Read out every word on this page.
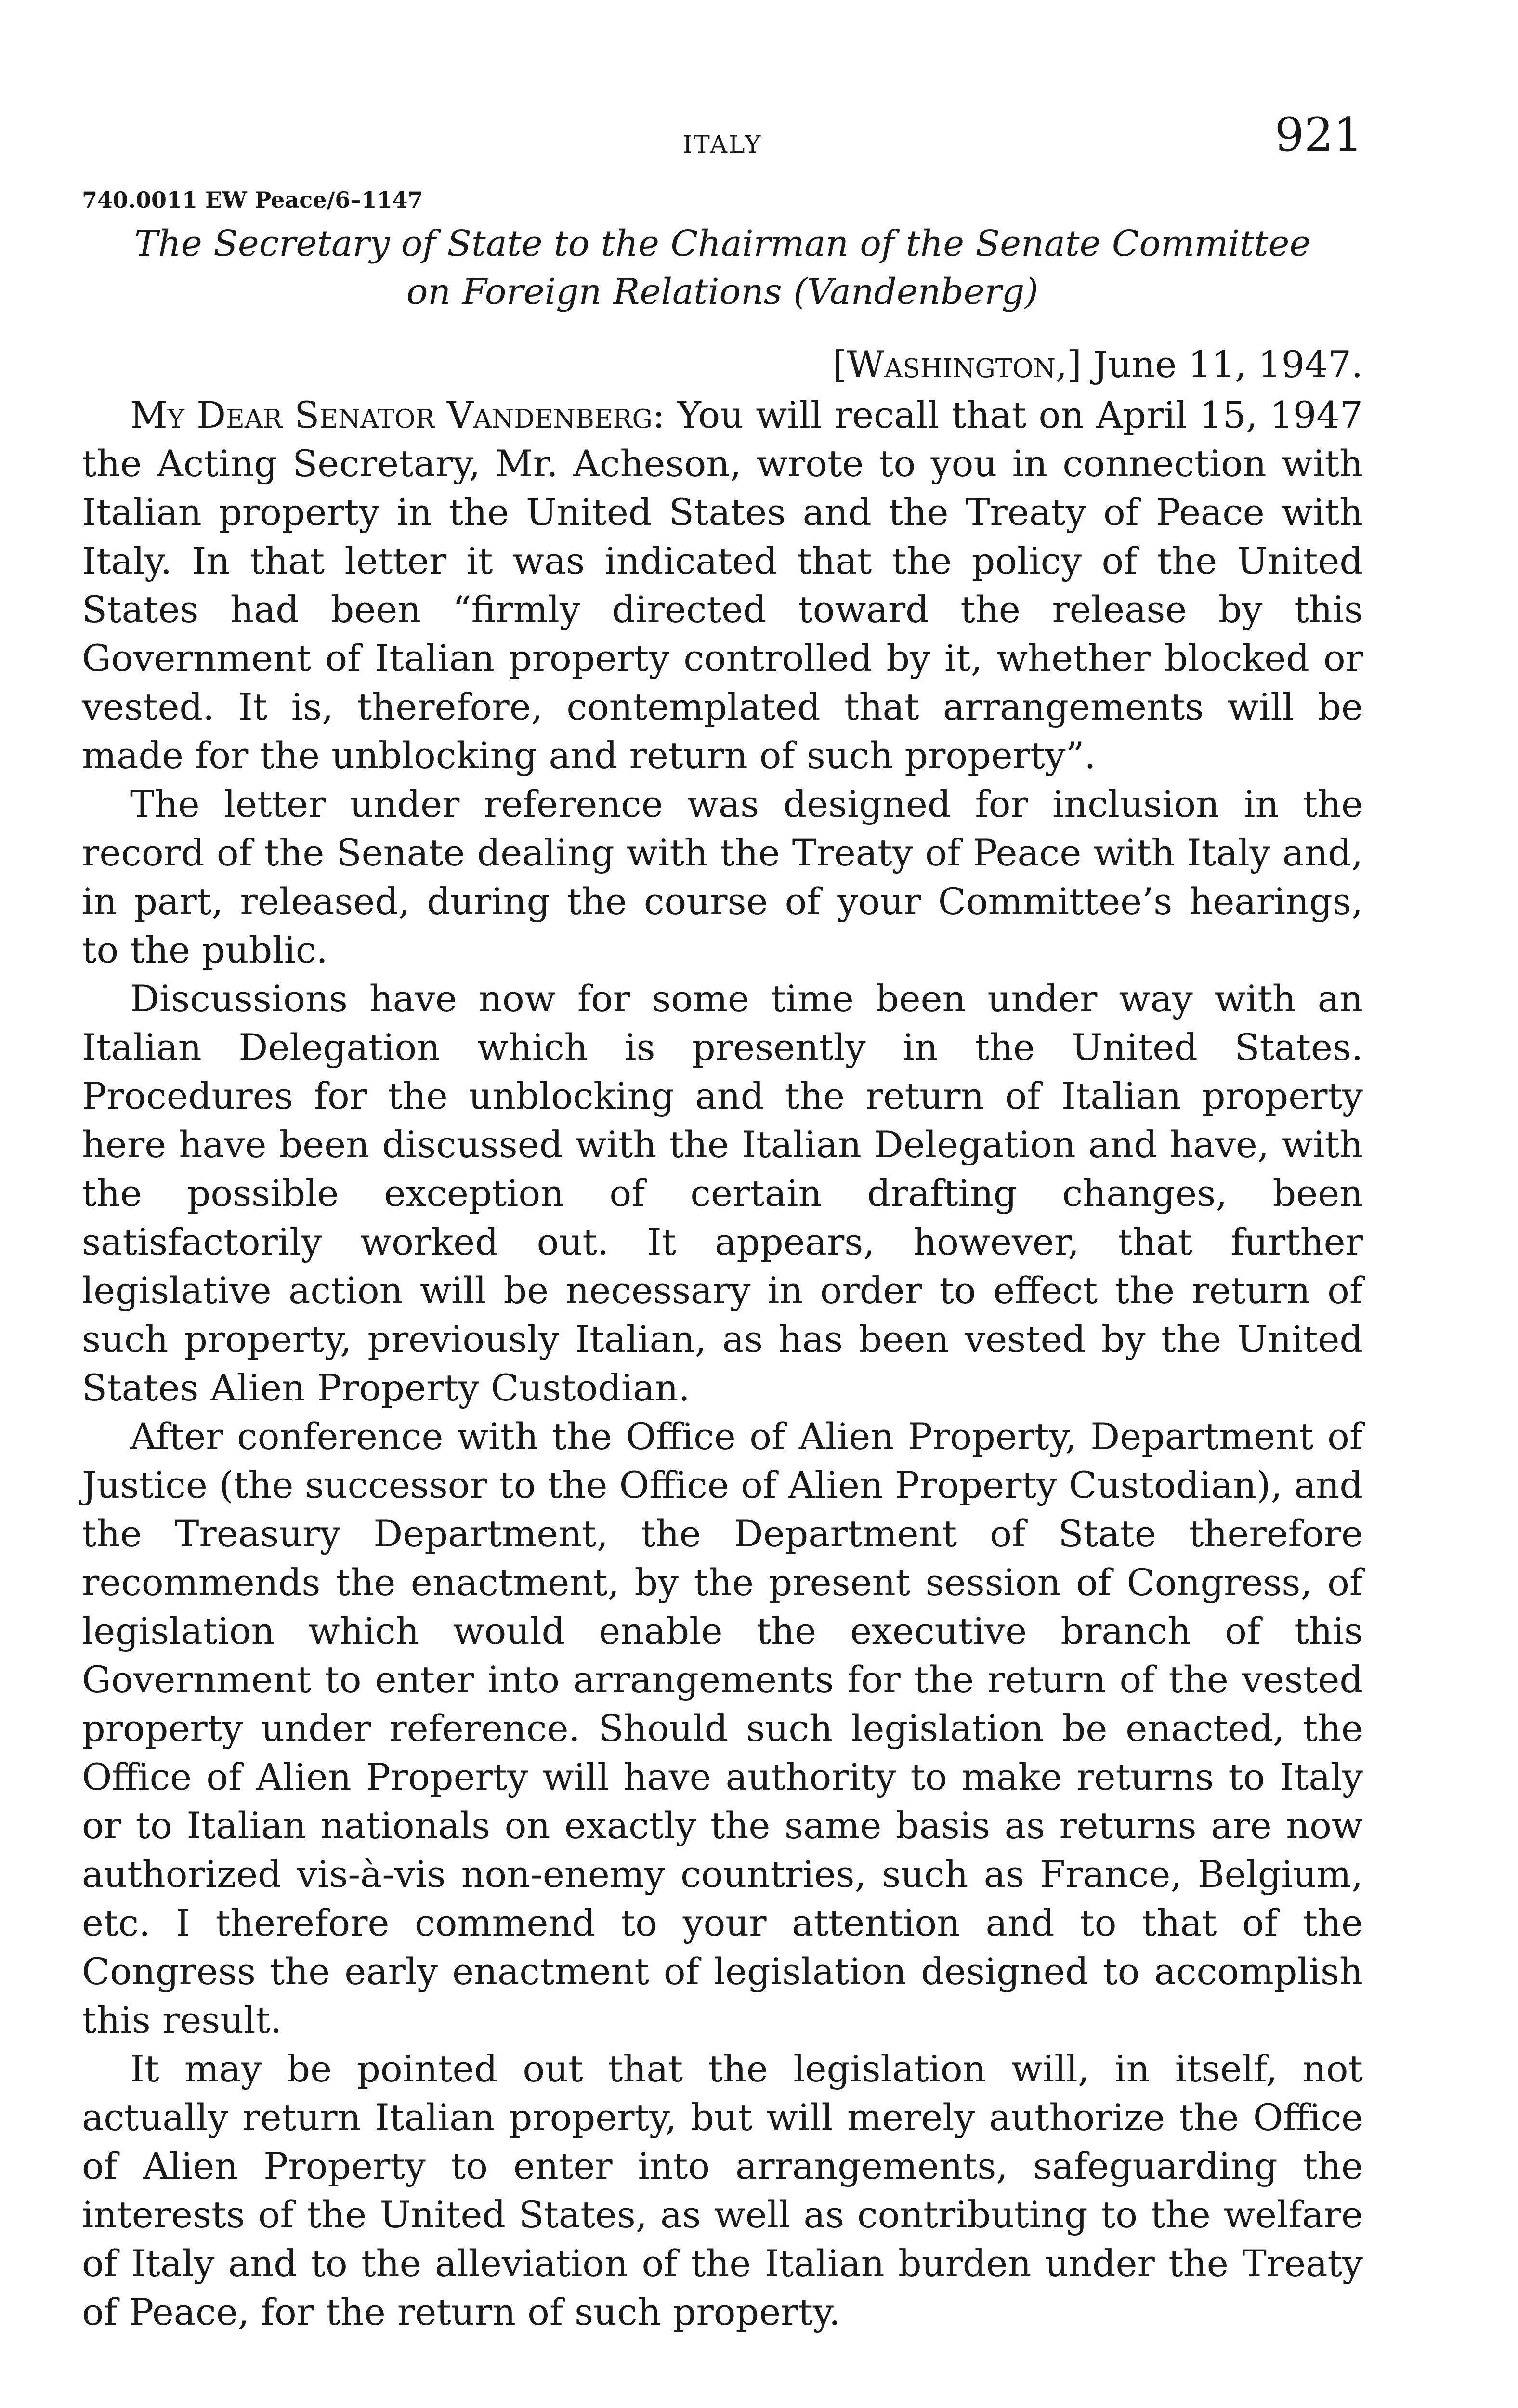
ITALY	921
740.0011 EW Peace/6–1147
The Secretary of State to the Chairman of the Senate Committee
on Foreign Relations (Vandenberg)
[Washington,] June 11, 1947.

My Dear Senator Vandenberg: You will recall that on April 15, 1947 the Acting Secretary, Mr. Acheson, wrote to you in connection with Italian property in the United States and the Treaty of Peace with Italy. In that letter it was indicated that the policy of the United States had been “firmly directed toward the release by this Government of Italian property controlled by it, whether blocked or vested. It is, therefore, contemplated that arrangements will be made for the unblocking and return of such property”.

The letter under reference was designed for inclusion in the record of the Senate dealing with the Treaty of Peace with Italy and, in part, released, during the course of your Committee’s hearings, to the public.

Discussions have now for some time been under way with an Italian Delegation which is presently in the United States. Procedures for the unblocking and the return of Italian property here have been discussed with the Italian Delegation and have, with the possible exception of certain drafting changes, been satisfactorily worked out. It appears, however, that further legislative action will be necessary in order to effect the return of such property, previously Italian, as has been vested by the United States Alien Property Custodian.

After conference with the Office of Alien Property, Department of Justice (the successor to the Office of Alien Property Custodian), and the Treasury Department, the Department of State therefore recommends the enactment, by the present session of Congress, of legislation which would enable the executive branch of this Government to enter into arrangements for the return of the vested property under reference. Should such legislation be enacted, the Office of Alien Property will have authority to make returns to Italy or to Italian nationals on exactly the same basis as returns are now authorized vis-à-vis non-enemy countries, such as France, Belgium, etc. I therefore commend to your attention and to that of the Congress the early enactment of legislation designed to accomplish this result.

It may be pointed out that the legislation will, in itself, not actually return Italian property, but will merely authorize the Office of Alien Property to enter into arrangements, safeguarding the interests of the United States, as well as contributing to the welfare of Italy and to the alleviation of the Italian burden under the Treaty of Peace, for the return of such property.
